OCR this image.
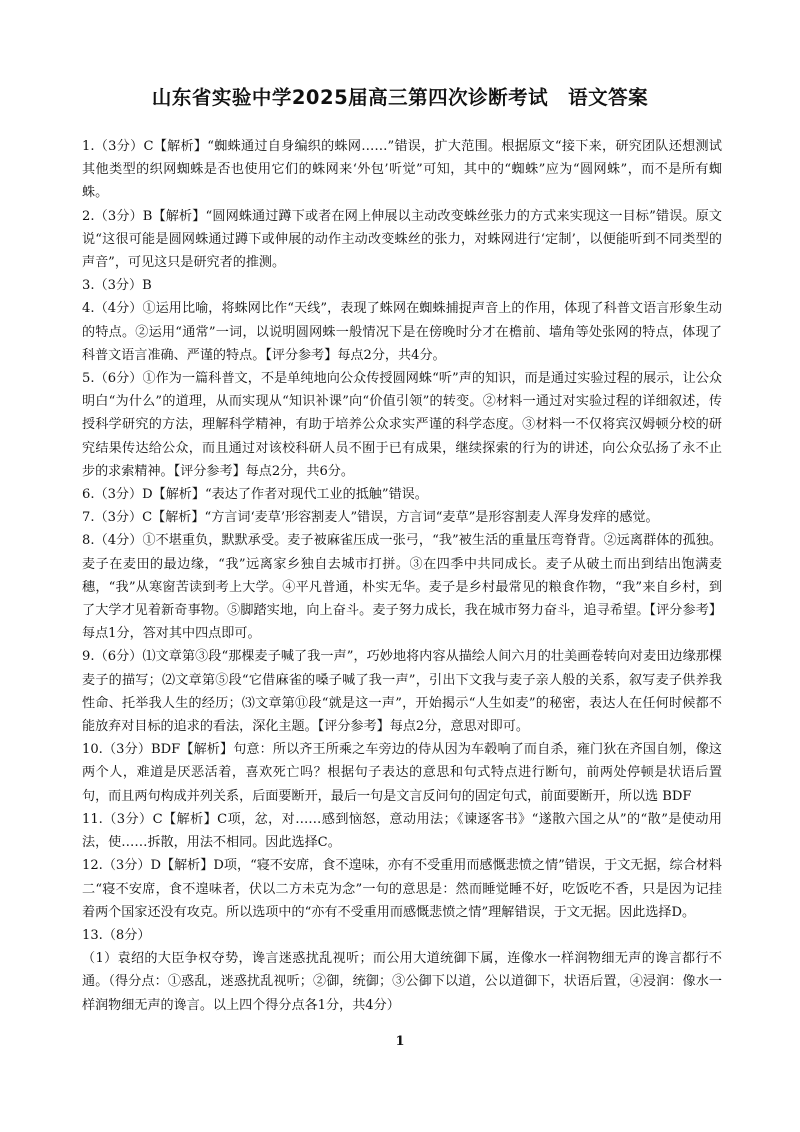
山东省实验中学2025届高三第四次诊断考试　语文答案

1.（3分）C【解析】“蜘蛛通过自身编织的蛛网……”错误，扩大范围。根据原文“接下来，研究团队还想测试其他类型的织网蜘蛛是否也使用它们的蛛网来‘外包’听觉”可知，其中的“蜘蛛”应为“圆网蛛”，而不是所有蜘蛛。

2.（3分）B【解析】“圆网蛛通过蹲下或者在网上伸展以主动改变蛛丝张力的方式来实现这一目标”错误。原文说“这很可能是圆网蛛通过蹲下或伸展的动作主动改变蛛丝的张力，对蛛网进行‘定制’，以便能听到不同类型的声音”，可见这只是研究者的推测。

3.（3分）B

4.（4分）①运用比喻，将蛛网比作“天线”，表现了蛛网在蜘蛛捕捉声音上的作用，体现了科普文语言形象生动的特点。②运用“通常”一词，以说明圆网蛛一般情况下是在傍晚时分才在檐前、墙角等处张网的特点，体现了科普文语言准确、严谨的特点。【评分参考】每点2分，共4分。

5.（6分）①作为一篇科普文，不是单纯地向公众传授圆网蛛“听”声的知识，而是通过实验过程的展示，让公众明白“为什么”的道理，从而实现从“知识补课”向“价值引领”的转变。②材料一通过对实验过程的详细叙述，传授科学研究的方法，理解科学精神，有助于培养公众求实严谨的科学态度。③材料一不仅将宾汉姆顿分校的研究结果传达给公众，而且通过对该校科研人员不囿于已有成果，继续探索的行为的讲述，向公众弘扬了永不止步的求索精神。【评分参考】每点2分，共6分。

6.（3分）D【解析】“表达了作者对现代工业的抵触”错误。

7.（3分）C【解析】“方言词‘麦草’形容割麦人”错误，方言词“麦草”是形容割麦人浑身发痒的感觉。

8.（4分）①不堪重负，默默承受。麦子被麻雀压成一张弓，“我”被生活的重量压弯脊背。②远离群体的孤独。麦子在麦田的最边缘，“我”远离家乡独自去城市打拼。③在四季中共同成长。麦子从破土而出到结出饱满麦穗，“我”从寒窗苦读到考上大学。④平凡普通，朴实无华。麦子是乡村最常见的粮食作物，“我”来自乡村，到了大学才见着新奇事物。⑤脚踏实地，向上奋斗。麦子努力成长，我在城市努力奋斗，追寻希望。【评分参考】每点1分，答对其中四点即可。

9.（6分）⑴文章第③段“那棵麦子喊了我一声”，巧妙地将内容从描绘人间六月的壮美画卷转向对麦田边缘那棵麦子的描写；⑵文章第⑤段“它借麻雀的嗓子喊了我一声”，引出下文我与麦子亲人般的关系，叙写麦子供养我性命、托举我人生的经历；⑶文章第⑪段“就是这一声”，开始揭示“人生如麦”的秘密，表达人在任何时候都不能放弃对目标的追求的看法，深化主题。【评分参考】每点2分，意思对即可。

10.（3分）BDF【解析】句意：所以齐王所乘之车旁边的侍从因为车毂响了而自杀，雍门狄在齐国自刎，像这两个人，难道是厌恶活着，喜欢死亡吗？根据句子表达的意思和句式特点进行断句，前两处停顿是状语后置句，而且两句构成并列关系，后面要断开，最后一句是文言反问句的固定句式，前面要断开，所以选 BDF

11.（3分）C【解析】C项，忿，对……感到恼怒，意动用法；《谏逐客书》“遂散六国之从”的“散”是使动用法，使……拆散，用法不相同。因此选择C。

12.（3分）D【解析】D项，“寝不安席，食不遑味，亦有不受重用而感慨悲愤之情”错误，于文无据，综合材料二“寝不安席，食不遑味者，伏以二方未克为念”一句的意思是：然而睡觉睡不好，吃饭吃不香，只是因为记挂着两个国家还没有攻克。所以选项中的“亦有不受重用而感慨悲愤之情”理解错误，于文无据。因此选择D。

13.（8分）

（1）袁绍的大臣争权夺势，谗言迷惑扰乱视听；而公用大道统御下属，连像水一样润物细无声的谗言都行不通。（得分点：①惑乱，迷惑扰乱视听；②御，统御；③公御下以道，公以道御下，状语后置，④浸润：像水一样润物细无声的谗言。以上四个得分点各1分，共4分）

1
